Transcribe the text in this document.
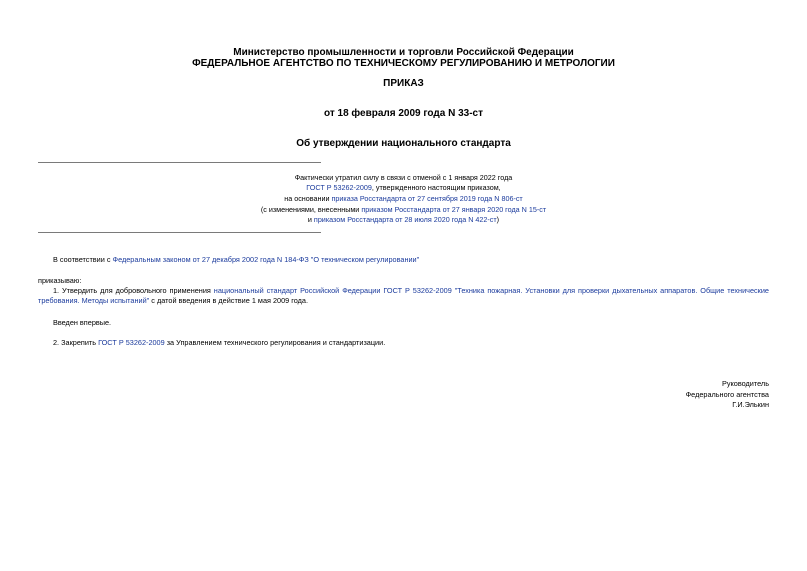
Министерство промышленности и торговли Российской Федерации
ФЕДЕРАЛЬНОЕ АГЕНТСТВО ПО ТЕХНИЧЕСКОМУ РЕГУЛИРОВАНИЮ И МЕТРОЛОГИИ
ПРИКАЗ
от 18 февраля 2009 года N 33-ст
Об утверждении национального стандарта
Фактически утратил силу в связи с отменой с 1 января 2022 года
ГОСТ Р 53262-2009, утвержденного настоящим приказом,
на основании приказа Росстандарта от 27 сентября 2019 года N 806-ст
(с изменениями, внесенными приказом Росстандарта от 27 января 2020 года N 15-ст
и приказом Росстандарта от 28 июля 2020 года N 422-ст)
В соответствии с Федеральным законом от 27 декабря 2002 года N 184-ФЗ "О техническом регулировании"
приказываю:
1. Утвердить для добровольного применения национальный стандарт Российской Федерации ГОСТ Р 53262-2009 "Техника пожарная. Установки для проверки дыхательных аппаратов. Общие технические требования. Методы испытаний" с датой введения в действие 1 мая 2009 года.
Введен впервые.
2. Закрепить ГОСТ Р 53262-2009 за Управлением технического регулирования и стандартизации.
Руководитель
Федерального агентства
Г.И.Элькин
